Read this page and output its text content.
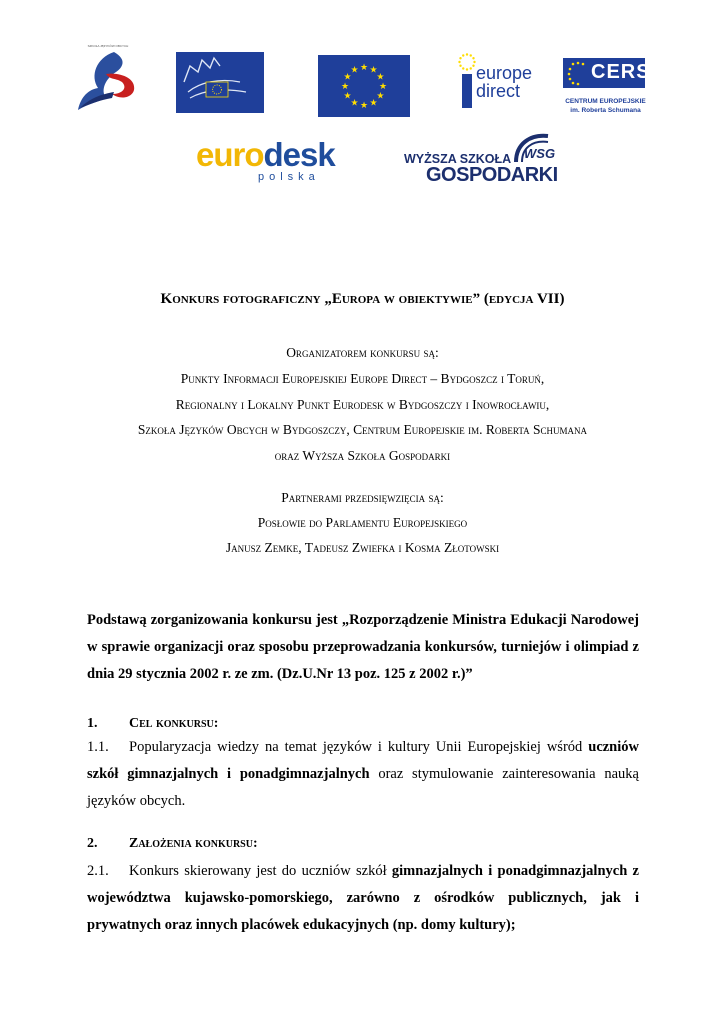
SZKOŁA JĘZYKÓW OBCYCH
★
★
★
★
★
★
★
★
★ ★ ★
★	europe
direct
CERS
CENTRUM EUROPEJSKIE
im. Roberta Schumana
eurodesk
polska
WYŻSZA SZKOŁA
GOSPODARKI
WSG
Konkurs fotograficzny „Europa w obiektywie” (edycja VII)
Organizatorem konkursu są:
Punkty Informacji Europejskiej Europe Direct – Bydgoszcz i Toruń,
Regionalny i Lokalny Punkt Eurodesk w Bydgoszczy i Inowrocławiu,
Szkoła Języków Obcych w Bydgoszczy, Centrum Europejskie im. Roberta Schumana
oraz Wyższa Szkoła Gospodarki
Partnerami przedsięwzięcia są:
Posłowie do Parlamentu Europejskiego
Janusz Zemke, Tadeusz Zwiefka i Kosma Złotowski
Podstawą zorganizowania konkursu jest „Rozporządzenie Ministra Edukacji Narodowej w sprawie organizacji oraz sposobu przeprowadzania konkursów, turniejów i olimpiad z dnia 29 stycznia 2002 r. ze zm. (Dz.U.Nr 13 poz. 125 z 2002 r.)”
1. Cel konkursu:
1.1. Popularyzacja wiedzy na temat języków i kultury Unii Europejskiej wśród uczniów szkół gimnazjalnych i ponadgimnazjalnych oraz stymulowanie zainteresowania nauką języków obcych.
2. Założenia konkursu:
2.1. Konkurs skierowany jest do uczniów szkół gimnazjalnych i ponadgimnazjalnych z województwa kujawsko-pomorskiego, zarówno z ośrodków publicznych, jak i prywatnych oraz innych placówek edukacyjnych (np. domy kultury);
